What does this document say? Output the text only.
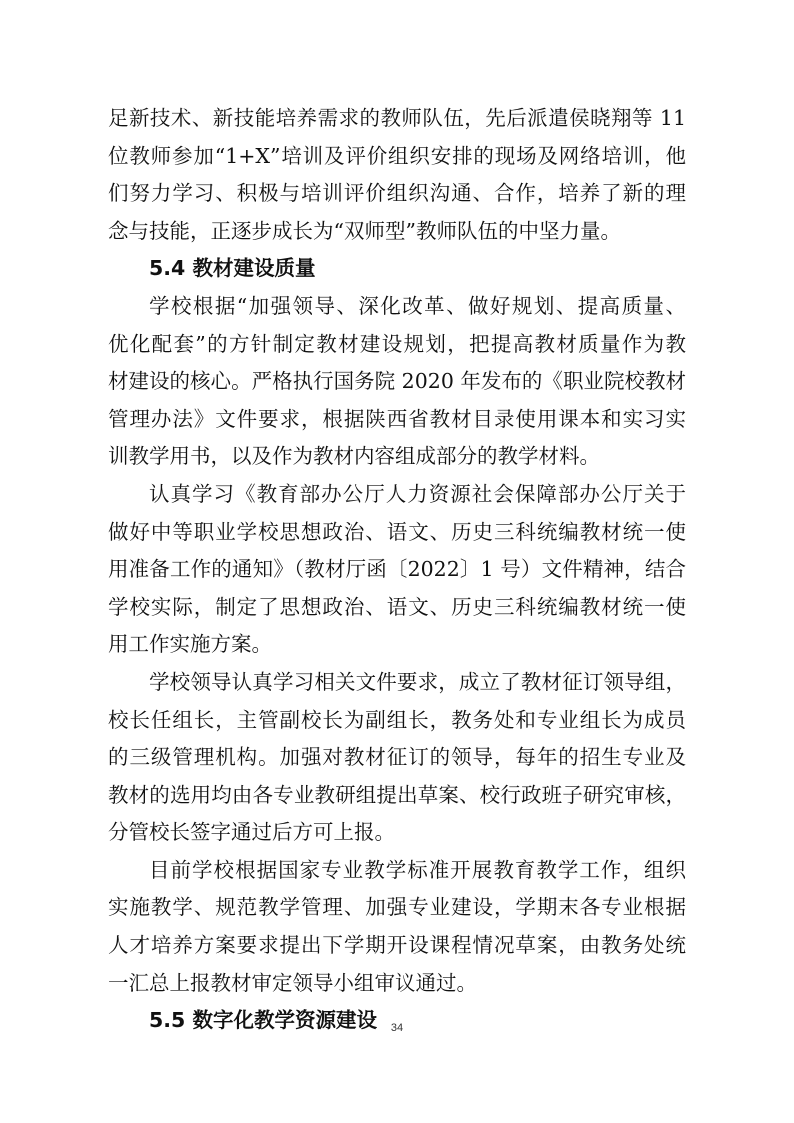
足新技术、新技能培养需求的教师队伍，先后派遣侯晓翔等 11
位教师参加“1+X”培训及评价组织安排的现场及网络培训，他
们努力学习、积极与培训评价组织沟通、合作，培养了新的理
念与技能，正逐步成长为“双师型”教师队伍的中坚力量。
5.4 教材建设质量
学校根据“加强领导、深化改革、做好规划、提高质量、
优化配套”的方针制定教材建设规划，把提高教材质量作为教
材建设的核心。严格执行国务院 2020 年发布的《职业院校教材
管理办法》文件要求，根据陕西省教材目录使用课本和实习实
训教学用书，以及作为教材内容组成部分的教学材料。
认真学习《教育部办公厅人力资源社会保障部办公厅关于
做好中等职业学校思想政治、语文、历史三科统编教材统一使
用准备工作的通知》（教材厅函〔2022〕1 号）文件精神，结合
学校实际，制定了思想政治、语文、历史三科统编教材统一使
用工作实施方案。
学校领导认真学习相关文件要求，成立了教材征订领导组，
校长任组长，主管副校长为副组长，教务处和专业组长为成员
的三级管理机构。加强对教材征订的领导，每年的招生专业及
教材的选用均由各专业教研组提出草案、校行政班子研究审核，
分管校长签字通过后方可上报。
目前学校根据国家专业教学标准开展教育教学工作，组织
实施教学、规范教学管理、加强专业建设，学期末各专业根据
人才培养方案要求提出下学期开设课程情况草案，由教务处统
一汇总上报教材审定领导小组审议通过。
5.5 数字化教学资源建设	34
